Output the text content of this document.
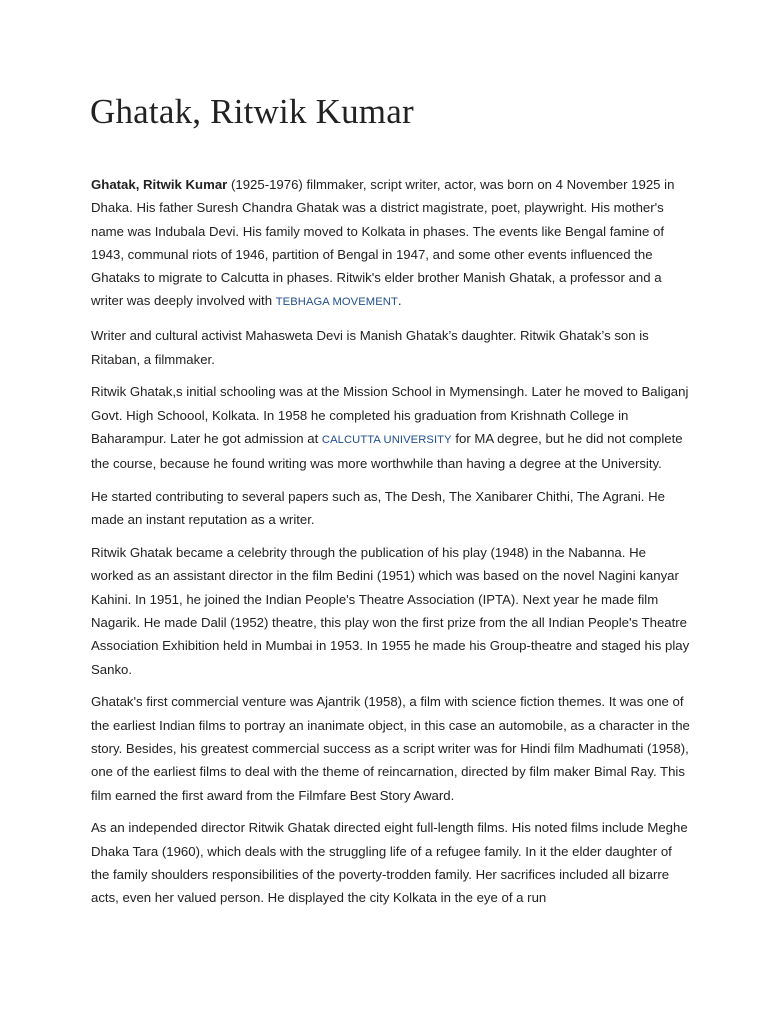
Ghatak, Ritwik Kumar

Ghatak, Ritwik Kumar (1925-1976) filmmaker, script writer, actor, was born on 4 November 1925 in Dhaka. His father Suresh Chandra Ghatak was a district magistrate, poet, playwright. His mother's name was Indubala Devi. His family moved to Kolkata in phases. The events like Bengal famine of 1943, communal riots of 1946, partition of Bengal in 1947, and some other events influenced the Ghataks to migrate to Calcutta in phases. Ritwik's elder brother Manish Ghatak, a professor and a writer was deeply involved with TEBHAGA MOVEMENT.

Writer and cultural activist Mahasweta Devi is Manish Ghatak’s daughter. Ritwik Ghatak’s son is Ritaban, a filmmaker.

Ritwik Ghatak,s initial schooling was at the Mission School in Mymensingh. Later he moved to Baliganj Govt. High Schoool, Kolkata. In 1958 he completed his graduation from Krishnath College in Baharampur. Later he got admission at CALCUTTA UNIVERSITY for MA degree, but he did not complete the course, because he found writing was more worthwhile than having a degree at the University.

He started contributing to several papers such as, The Desh, The Xanibarer Chithi, The Agrani. He made an instant reputation as a writer.

Ritwik Ghatak became a celebrity through the publication of his play (1948) in the Nabanna. He worked as an assistant director in the film Bedini (1951) which was based on the novel Nagini kanyar Kahini. In 1951, he joined the Indian People's Theatre Association (IPTA). Next year he made film Nagarik. He made Dalil (1952) theatre, this play won the first prize from the all Indian People's Theatre Association Exhibition held in Mumbai in 1953. In 1955 he made his Group-theatre and staged his play Sanko.

Ghatak's first commercial venture was Ajantrik (1958), a film with science fiction themes. It was one of the earliest Indian films to portray an inanimate object, in this case an automobile, as a character in the story. Besides, his greatest commercial success as a script writer was for Hindi film Madhumati (1958), one of the earliest films to deal with the theme of reincarnation, directed by film maker Bimal Ray. This film earned the first award from the Filmfare Best Story Award.

As an independed director Ritwik Ghatak directed eight full-length films. His noted films include Meghe Dhaka Tara (1960), which deals with the struggling life of a refugee family. In it the elder daughter of the family shoulders responsibilities of the poverty-trodden family. Her sacrifices included all bizarre acts, even her valued person. He displayed the city Kolkata in the eye of a run
